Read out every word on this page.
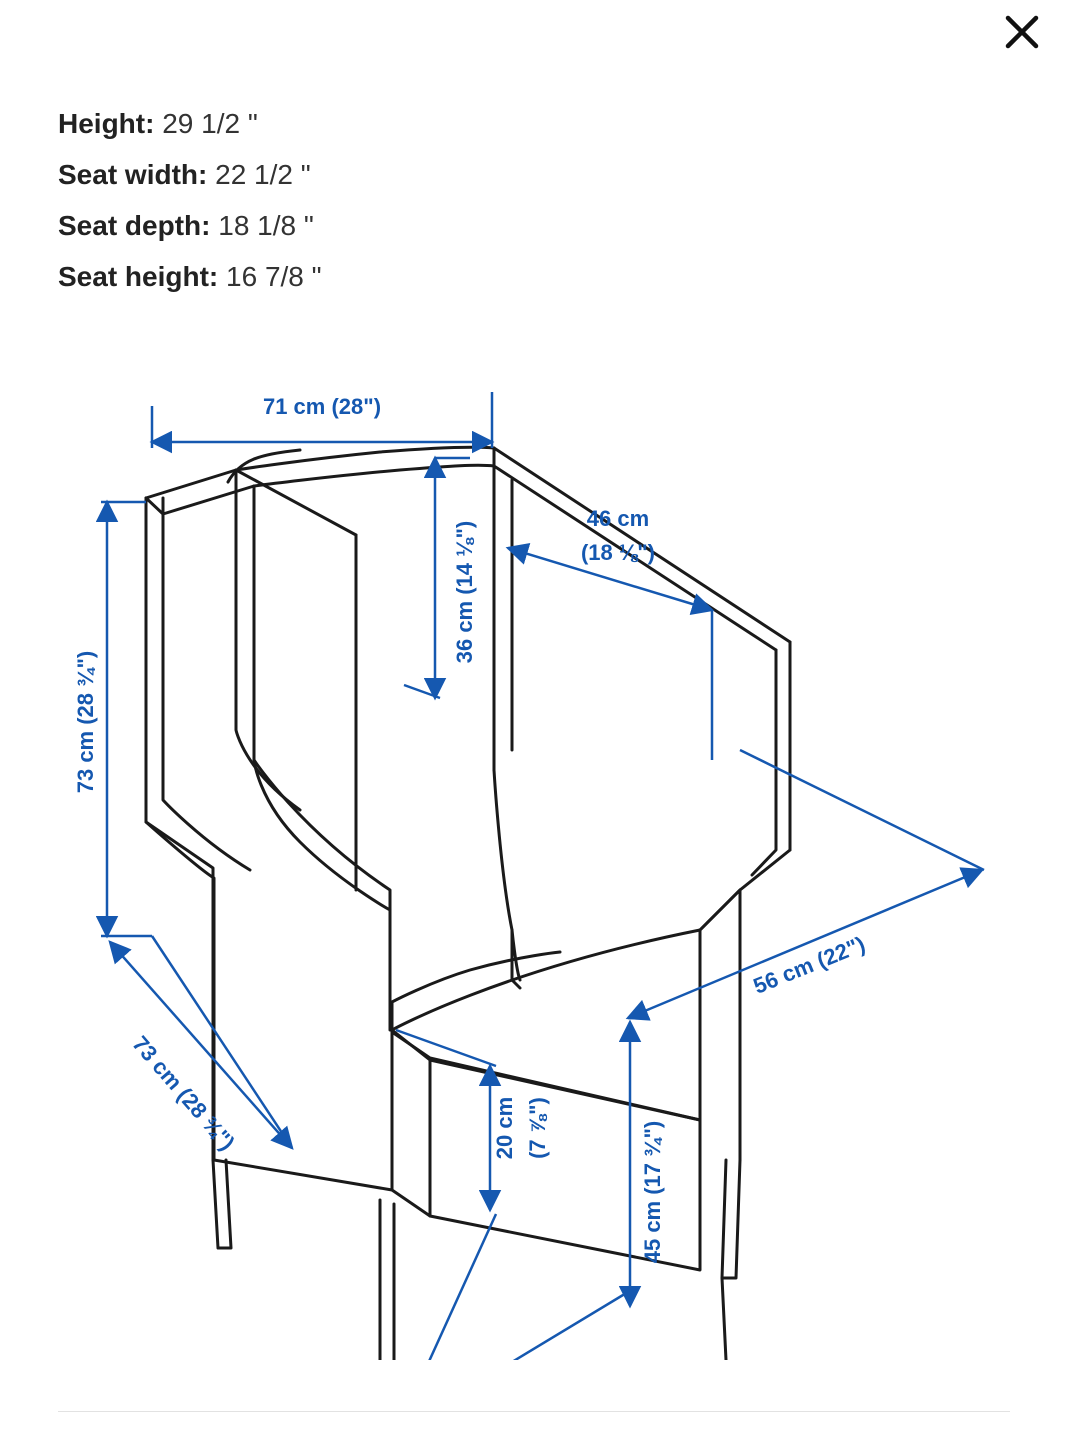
Height: 29 1/2 "
Seat width: 22 1/2 "
Seat depth: 18 1/8 "
Seat height: 16 7/8 "
71 cm (28")
73 cm (28 ¾")
73 cm (28 ¾")
36 cm (14 ⅛")
46 cm
(18 ⅛")
56 cm (22")
20 cm (7 ⅞")	45 cm (17 ¾")
